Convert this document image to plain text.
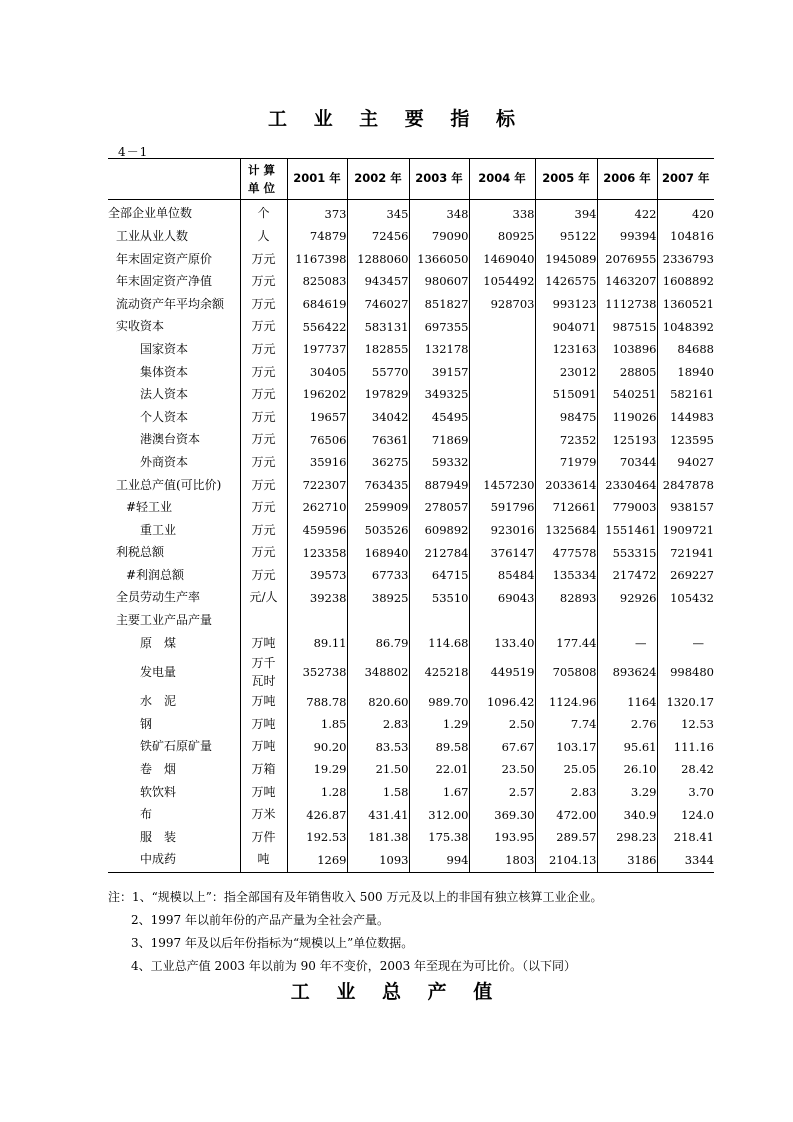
工 业 主 要 指 标
4－1
	计算单位	2001 年	2002 年	2003 年	2004 年	2005 年	2006 年	2007 年
全部企业单位数	个	373	345	348	338	394	422	420
工业从业人数	人	74879	72456	79090	80925	95122	99394	104816
年末固定资产原价	万元	1167398	1288060	1366050	1469040	1945089	2076955	2336793
年末固定资产净值	万元	825083	943457	980607	1054492	1426575	1463207	1608892
流动资产年平均余额	万元	684619	746027	851827	928703	993123	1112738	1360521
实收资本	万元	556422	583131	697355		904071	987515	1048392
国家资本	万元	197737	182855	132178		123163	103896	84688
集体资本	万元	30405	55770	39157		23012	28805	18940
法人资本	万元	196202	197829	349325		515091	540251	582161
个人资本	万元	19657	34042	45495		98475	119026	144983
港澳台资本	万元	76506	76361	71869		72352	125193	123595
外商资本	万元	35916	36275	59332		71979	70344	94027
工业总产值(可比价)	万元	722307	763435	887949	1457230	2033614	2330464	2847878
#轻工业	万元	262710	259909	278057	591796	712661	779003	938157
重工业	万元	459596	503526	609892	923016	1325684	1551461	1909721
利税总额	万元	123358	168940	212784	376147	477578	553315	721941
#利润总额	万元	39573	67733	64715	85484	135334	217472	269227
全员劳动生产率	元/人	39238	38925	53510	69043	82893	92926	105432
主要工业产品产量								
原　煤	万吨	89.11	86.79	114.68	133.40	177.44	—	—
发电量	万千瓦时	352738	348802	425218	449519	705808	893624	998480
水　泥	万吨	788.78	820.60	989.70	1096.42	1124.96	1164	1320.17
钢	万吨	1.85	2.83	1.29	2.50	7.74	2.76	12.53
铁矿石原矿量	万吨	90.20	83.53	89.58	67.67	103.17	95.61	111.16
卷　烟	万箱	19.29	21.50	22.01	23.50	25.05	26.10	28.42
软饮料	万吨	1.28	1.58	1.67	2.57	2.83	3.29	3.70
布	万米	426.87	431.41	312.00	369.30	472.00	340.9	124.0
服　装	万件	192.53	181.38	175.38	193.95	289.57	298.23	218.41
中成药	吨	1269	1093	994	1803	2104.13	3186	3344
注：1、“规模以上”：指全部国有及年销售收入 500 万元及以上的非国有独立核算工业企业。
2、1997 年以前年份的产品产量为全社会产量。
3、1997 年及以后年份指标为“规模以上”单位数据。
4、工业总产值 2003 年以前为 90 年不变价，2003 年至现在为可比价。（以下同）
工 业 总 产 值
